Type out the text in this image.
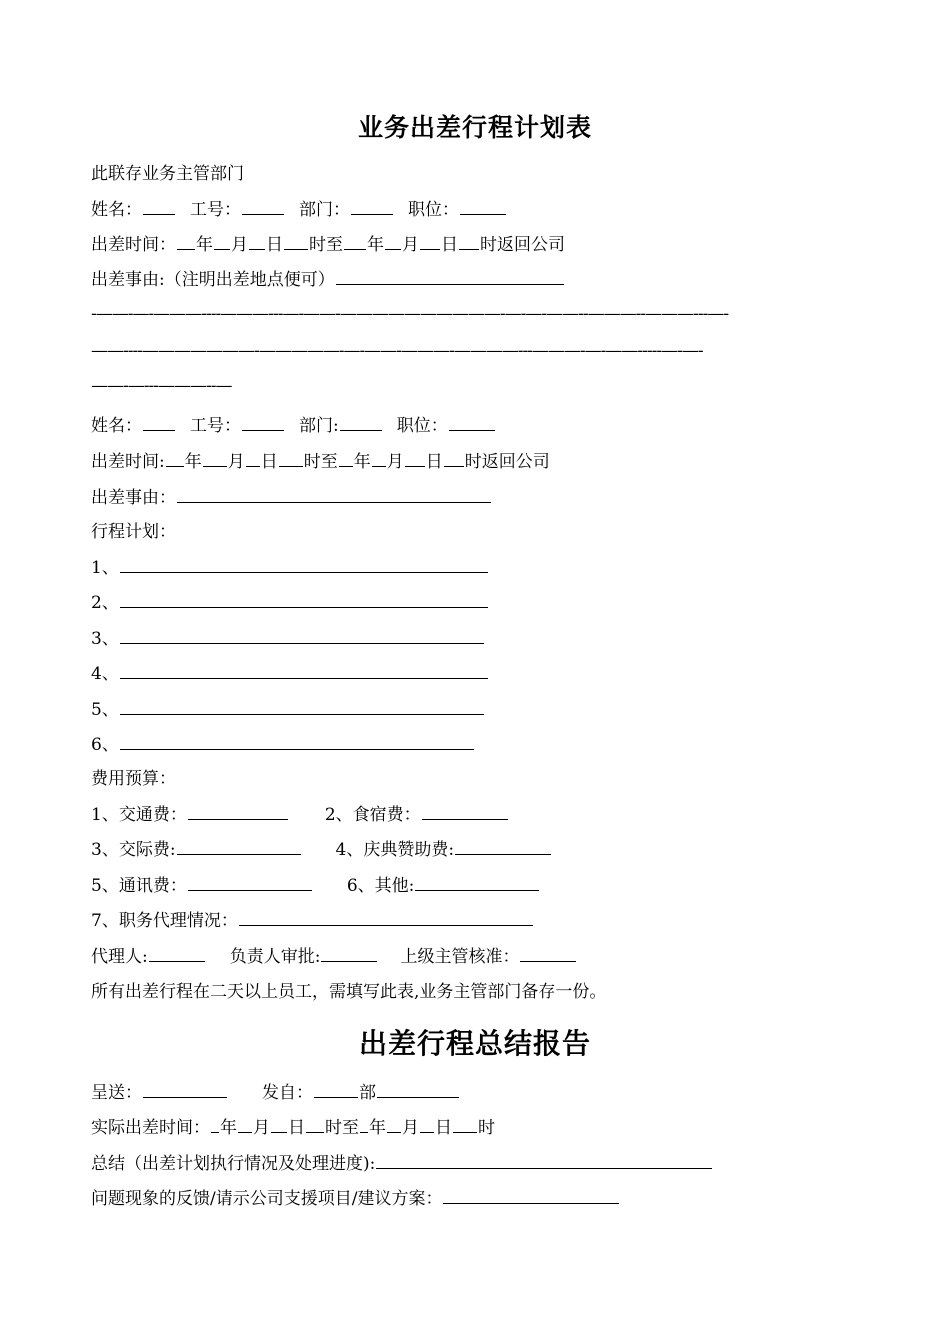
业务出差行程计划表
此联存业务主管部门
姓名：	工号：	部门：	职位：
出差时间： 年 月 日 时至 年 月 日 时返回公司
出差事由:（注明出差地点便可）
-——-—-———----———---—-——-——————————-—-—-——--———--———---—-
——----———————-—————-—-——-———-————---———-—-——-----—-—-
——-—---———--—
姓名：	工号：	部门:	职位：
出差时间: 年 月 日 时至 年 月 日 时返回公司
出差事由：
行程计划：
1、
2、
3、
4、
5、
6、
费用预算：
1、交通费：	2、食宿费：
3、交际费:	4、庆典赞助费:
5、通讯费：	6、其他:
7、职务代理情况：
代理人:	负责人审批:	上级主管核准：
所有出差行程在二天以上员工，需填写此表,业务主管部门备存一份。
出差行程总结报告
呈送：	发自：	部
实际出差时间： 年 月 日 时至 年 月 日 时
总结（出差计划执行情况及处理进度):
问题现象的反馈/请示公司支援项目/建议方案：
